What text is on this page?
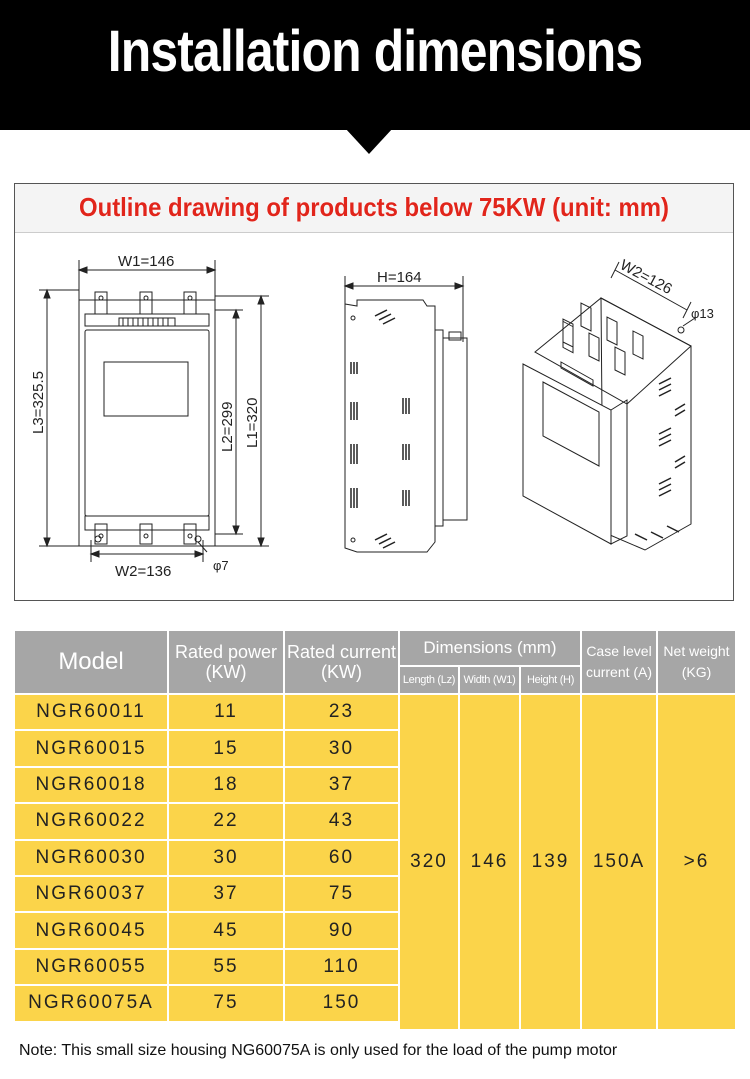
Installation dimensions
Outline drawing of products below 75KW (unit: mm)
W1=146
W2=136	φ7
L3=325.5	L2=299 L1=320
H=164	W2=126
φ13
Model	Rated power
(KW)
Rated current
(KW)
Dimensions (mm)
Length (Lz) Width (W1) Height (H)
Case level
current (A)
Net weight
(KG)
NGR60011	11	23
NGR60015	15	30
NGR60018	18	37
NGR60022	22	43
NGR60030	30	60
NGR60037	37	75
NGR60045	45	90
NGR60055	55	110
NGR60075A	75	150
320 146 139 150A >6
Note: This small size housing NG60075A is only used for the load of the pump motor
